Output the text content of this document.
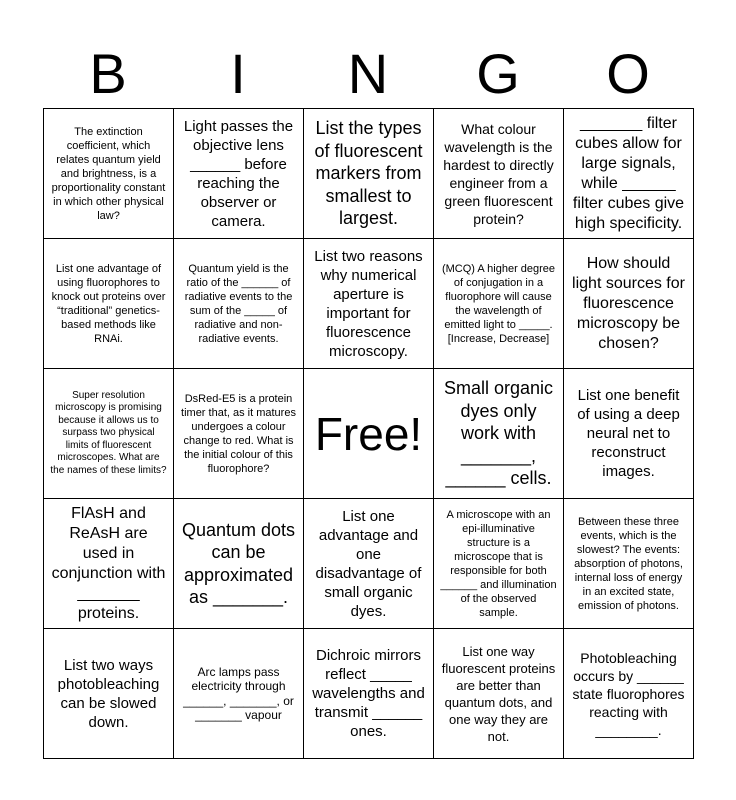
B	I	N	G	O
The extinction coefficient, which relates quantum yield and brightness, is a proportionality constant in which other physical law?	Light passes the objective lens ______ before reaching the observer or camera.	List the types of fluorescent markers from smallest to largest.	What colour wavelength is the hardest to directly engineer from a green fluorescent protein?	_______ filter cubes allow for large signals, while ______ filter cubes give high specificity.
List one advantage of using fluorophores to knock out proteins over “traditional” genetics-based methods like RNAi.	Quantum yield is the ratio of the ______ of radiative events to the sum of the _____ of radiative and non-radiative events.	List two reasons why numerical aperture is important for fluorescence microscopy.	(MCQ) A higher degree of conjugation in a fluorophore will cause the wavelength of emitted light to _____. [Increase, Decrease]	How should light sources for fluorescence microscopy be chosen?
Super resolution microscopy is promising because it allows us to surpass two physical limits of fluorescent microscopes. What are the names of these limits?	DsRed-E5 is a protein timer that, as it matures undergoes a colour change to red. What is the initial colour of this fluorophore?	Free!	Small organic dyes only work with _______, ______ cells.	List one benefit of using a deep neural net to reconstruct images.
FlAsH and ReAsH are used in conjunction with _______ proteins.	Quantum dots can be approximated as _______.	List one advantage and one disadvantage of small organic dyes.	A microscope with an epi-illuminative structure is a microscope that is responsible for both ______ and illumination of the observed sample.	Between these three events, which is the slowest? The events: absorption of photons, internal loss of energy in an excited state, emission of photons.
List two ways photobleaching can be slowed down.	Arc lamps pass electricity through ______, _______, or _______ vapour	Dichroic mirrors reflect _____ wavelengths and transmit ______ ones.	List one way fluorescent proteins are better than quantum dots, and one way they are not.	Photobleaching occurs by ______ state fluorophores reacting with ________.
